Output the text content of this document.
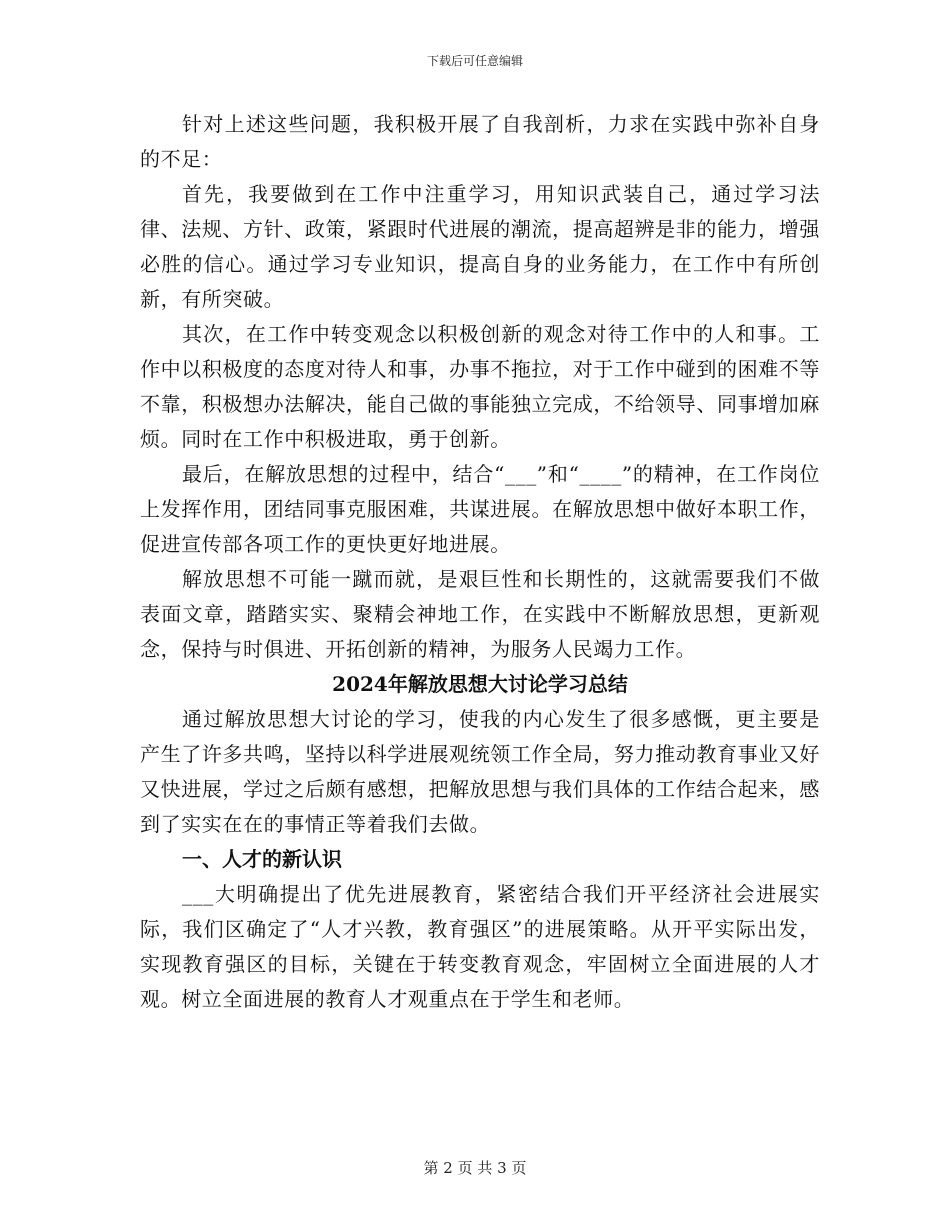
下载后可任意编辑

针对上述这些问题，我积极开展了自我剖析，力求在实践中弥补自身的不足：

首先，我要做到在工作中注重学习，用知识武装自己，通过学习法律、法规、方针、政策，紧跟时代进展的潮流，提高超辨是非的能力，增强必胜的信心。通过学习专业知识，提高自身的业务能力，在工作中有所创新，有所突破。

其次，在工作中转变观念以积极创新的观念对待工作中的人和事。工作中以积极度的态度对待人和事，办事不拖拉，对于工作中碰到的困难不等不靠，积极想办法解决，能自己做的事能独立完成，不给领导、同事增加麻烦。同时在工作中积极进取，勇于创新。

最后，在解放思想的过程中，结合“___”和“____”的精神，在工作岗位上发挥作用，团结同事克服困难，共谋进展。在解放思想中做好本职工作，促进宣传部各项工作的更快更好地进展。

解放思想不可能一蹴而就，是艰巨性和长期性的，这就需要我们不做表面文章，踏踏实实、聚精会神地工作，在实践中不断解放思想，更新观念，保持与时俱进、开拓创新的精神，为服务人民竭力工作。

2024年解放思想大讨论学习总结

通过解放思想大讨论的学习，使我的内心发生了很多感慨，更主要是产生了许多共鸣，坚持以科学进展观统领工作全局，努力推动教育事业又好又快进展，学过之后颇有感想，把解放思想与我们具体的工作结合起来，感到了实实在在的事情正等着我们去做。

一、人才的新认识

___大明确提出了优先进展教育，紧密结合我们开平经济社会进展实际，我们区确定了“人才兴教，教育强区”的进展策略。从开平实际出发，实现教育强区的目标，关键在于转变教育观念，牢固树立全面进展的人才观。树立全面进展的教育人才观重点在于学生和老师。

第 2 页 共 3 页
